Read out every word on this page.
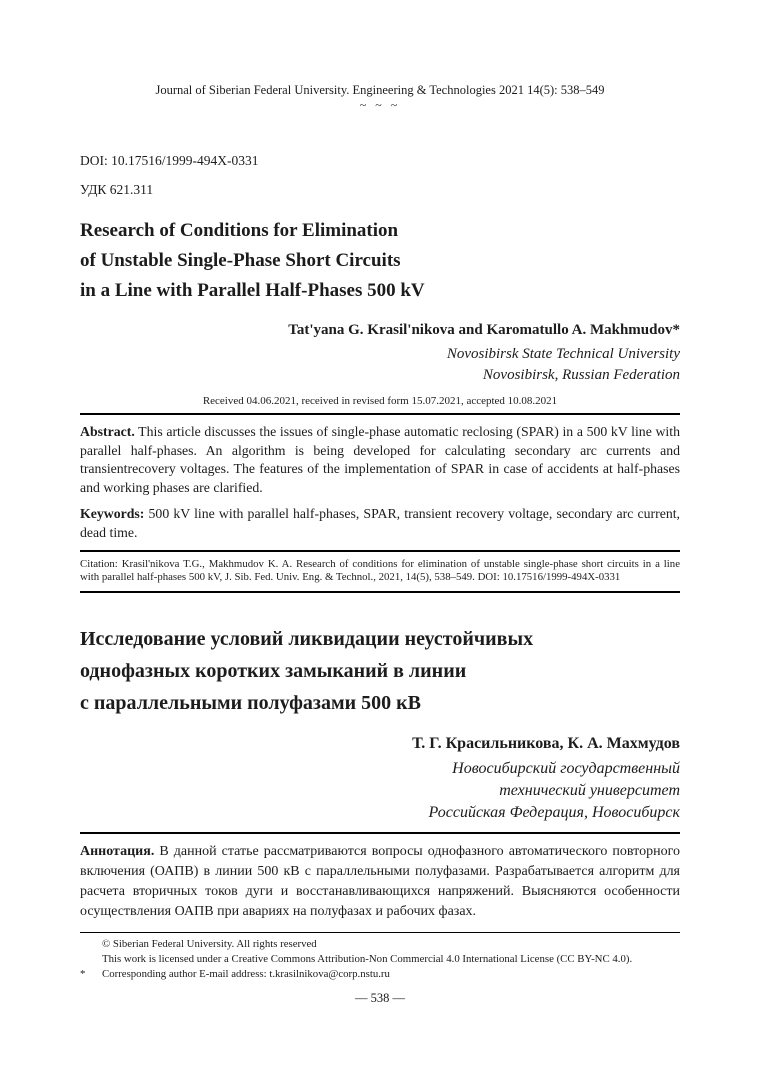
Journal of Siberian Federal University. Engineering & Technologies 2021 14(5): 538–549
~ ~ ~
DOI: 10.17516/1999-494X-0331
УДК 621.311
Research of Conditions for Elimination
of Unstable Single-Phase Short Circuits
in a Line with Parallel Half-Phases 500 kV
Tat'yana G. Krasil'nikova and Karomatullo A. Makhmudov*
Novosibirsk State Technical University
Novosibirsk, Russian Federation
Received 04.06.2021, received in revised form 15.07.2021, accepted 10.08.2021

Abstract. This article discusses the issues of single-phase automatic reclosing (SPAR) in a 500 kV line with parallel half-phases. An algorithm is being developed for calculating secondary arc currents and transientrecovery voltages. The features of the implementation of SPAR in case of accidents at half-phases and working phases are clarified.

Keywords: 500 kV line with parallel half-phases, SPAR, transient recovery voltage, secondary arc current, dead time.

Citation: Krasil'nikova T.G., Makhmudov K. A. Research of conditions for elimination of unstable single-phase short circuits in a line with parallel half-phases 500 kV, J. Sib. Fed. Univ. Eng. & Technol., 2021, 14(5), 538–549. DOI: 10.17516/1999-494X-0331

Исследование условий ликвидации неустойчивых
однофазных коротких замыканий в линии
с параллельными полуфазами 500 кВ
Т. Г. Красильникова, К. А. Махмудов
Новосибирский государственный
технический университет
Российская Федерация, Новосибирск

Аннотация. В данной статье рассматриваются вопросы однофазного автоматического повторного включения (ОАПВ) в линии 500 кВ с параллельными полуфазами. Разрабатывается алгоритм для расчета вторичных токов дуги и восстанавливающихся напряжений. Выясняются особенности осуществления ОАПВ при авариях на полуфазах и рабочих фазах.

© Siberian Federal University. All rights reserved
This work is licensed under a Creative Commons Attribution-Non Commercial 4.0 International License (CC BY-NC 4.0).
*	Corresponding author E-mail address: t.krasilnikova@corp.nstu.ru
— 538 —
